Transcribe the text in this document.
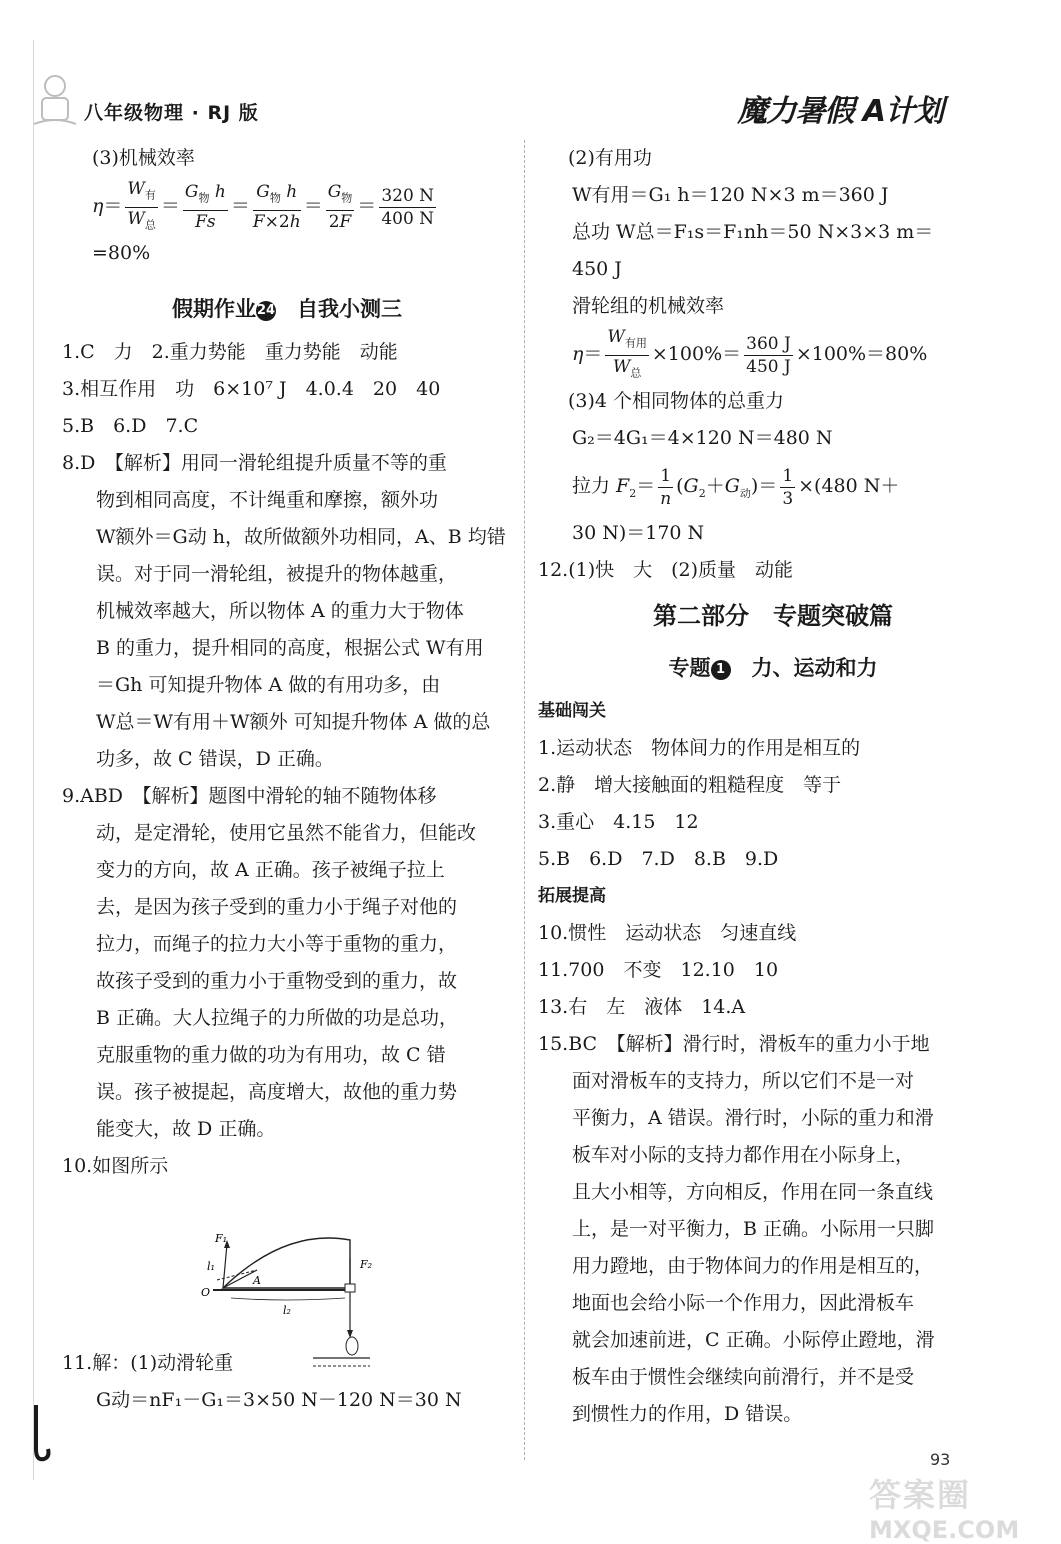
八年级物理 · RJ 版	魔力暑假 A计划
(3)机械效率
η＝
$W_有$
$W_总$
＝
$G_物$ h
Fs
＝
$G_物$ h
F×2h
＝
$G_物$
2F
＝ $\frac{320 N}{400 N}$
=80%
假期作业24　 自我小测三
1.C　力　2.重力势能　重力势能　动能
3.相互作用　功　6×10⁷ J　4.0.4　20　40
5.B　6.D　7.C
8.D　【解析】用同一滑轮组提升质量不等的重
物到相同高度，不计绳重和摩擦，额外功
W额外＝G动 h，故所做额外功相同，A、B 均错
误。对于同一滑轮组，被提升的物体越重，
机械效率越大，所以物体 A 的重力大于物体
B 的重力，提升相同的高度，根据公式 W有用
＝Gh 可知提升物体 A 做的有用功多，由
W总＝W有用＋W额外 可知提升物体 A 做的总
功多，故 C 错误，D 正确。
9.ABD　【解析】题图中滑轮的轴不随物体移
动，是定滑轮，使用它虽然不能省力，但能改
变力的方向，故 A 正确。孩子被绳子拉上
去，是因为孩子受到的重力小于绳子对他的
拉力，而绳子的拉力大小等于重物的重力，
故孩子受到的重力小于重物受到的重力，故
B 正确。大人拉绳子的力所做的功是总功，
克服重物的重力做的功为有用功，故 C 错
误。孩子被提起，高度增大，故他的重力势
能变大，故 D 正确。
10.如图所示
11.解：(1)动滑轮重
G动＝nF₁－G₁＝3×50 N－120 N＝30 N
F₁
l₁
A
O
F₂
l₂
(2)有用功
W有用＝G₁ h＝120 N×3 m＝360 J
总功 W总＝F₁s＝F₁nh＝50 N×3×3 m＝
450 J
滑轮组的机械效率
η＝
$W_{有用}$
$W_总$
$\times 100\%= \frac{360 J}{450 J} \times 100\%=80\%$
(3)4 个相同物体的总重力
G₂＝4G₁＝4×120 N＝480 N
拉力 $F_2= \frac{1}{n} (G_2+G_动)= \frac{1}{3} \times(480$ N＋
30 N)＝170 N
12.(1)快　大　(2)质量　动能
第二部分　专题突破篇
专题 1　 力、运动和力
基础闯关
1.运动状态　物体间力的作用是相互的
2.静　增大接触面的粗糙程度　等于
3.重心　4.15　12
5.B　6.D　7.D　8.B　9.D
拓展提高
10.惯性　运动状态　匀速直线
11.700　不变　12.10　10
13.右　左　液体　14.A
15.BC　【解析】滑行时，滑板车的重力小于地
面对滑板车的支持力，所以它们不是一对
平衡力，A 错误。滑行时，小际的重力和滑
板车对小际的支持力都作用在小际身上，
且大小相等，方向相反，作用在同一条直线
上，是一对平衡力，B 正确。小际用一只脚
用力蹬地，由于物体间力的作用是相互的，
地面也会给小际一个作用力，因此滑板车
就会加速前进，C 正确。小际停止蹬地，滑
板车由于惯性会继续向前滑行，并不是受
到惯性力的作用，D 错误。
93
答案圈
MXQE.COM
